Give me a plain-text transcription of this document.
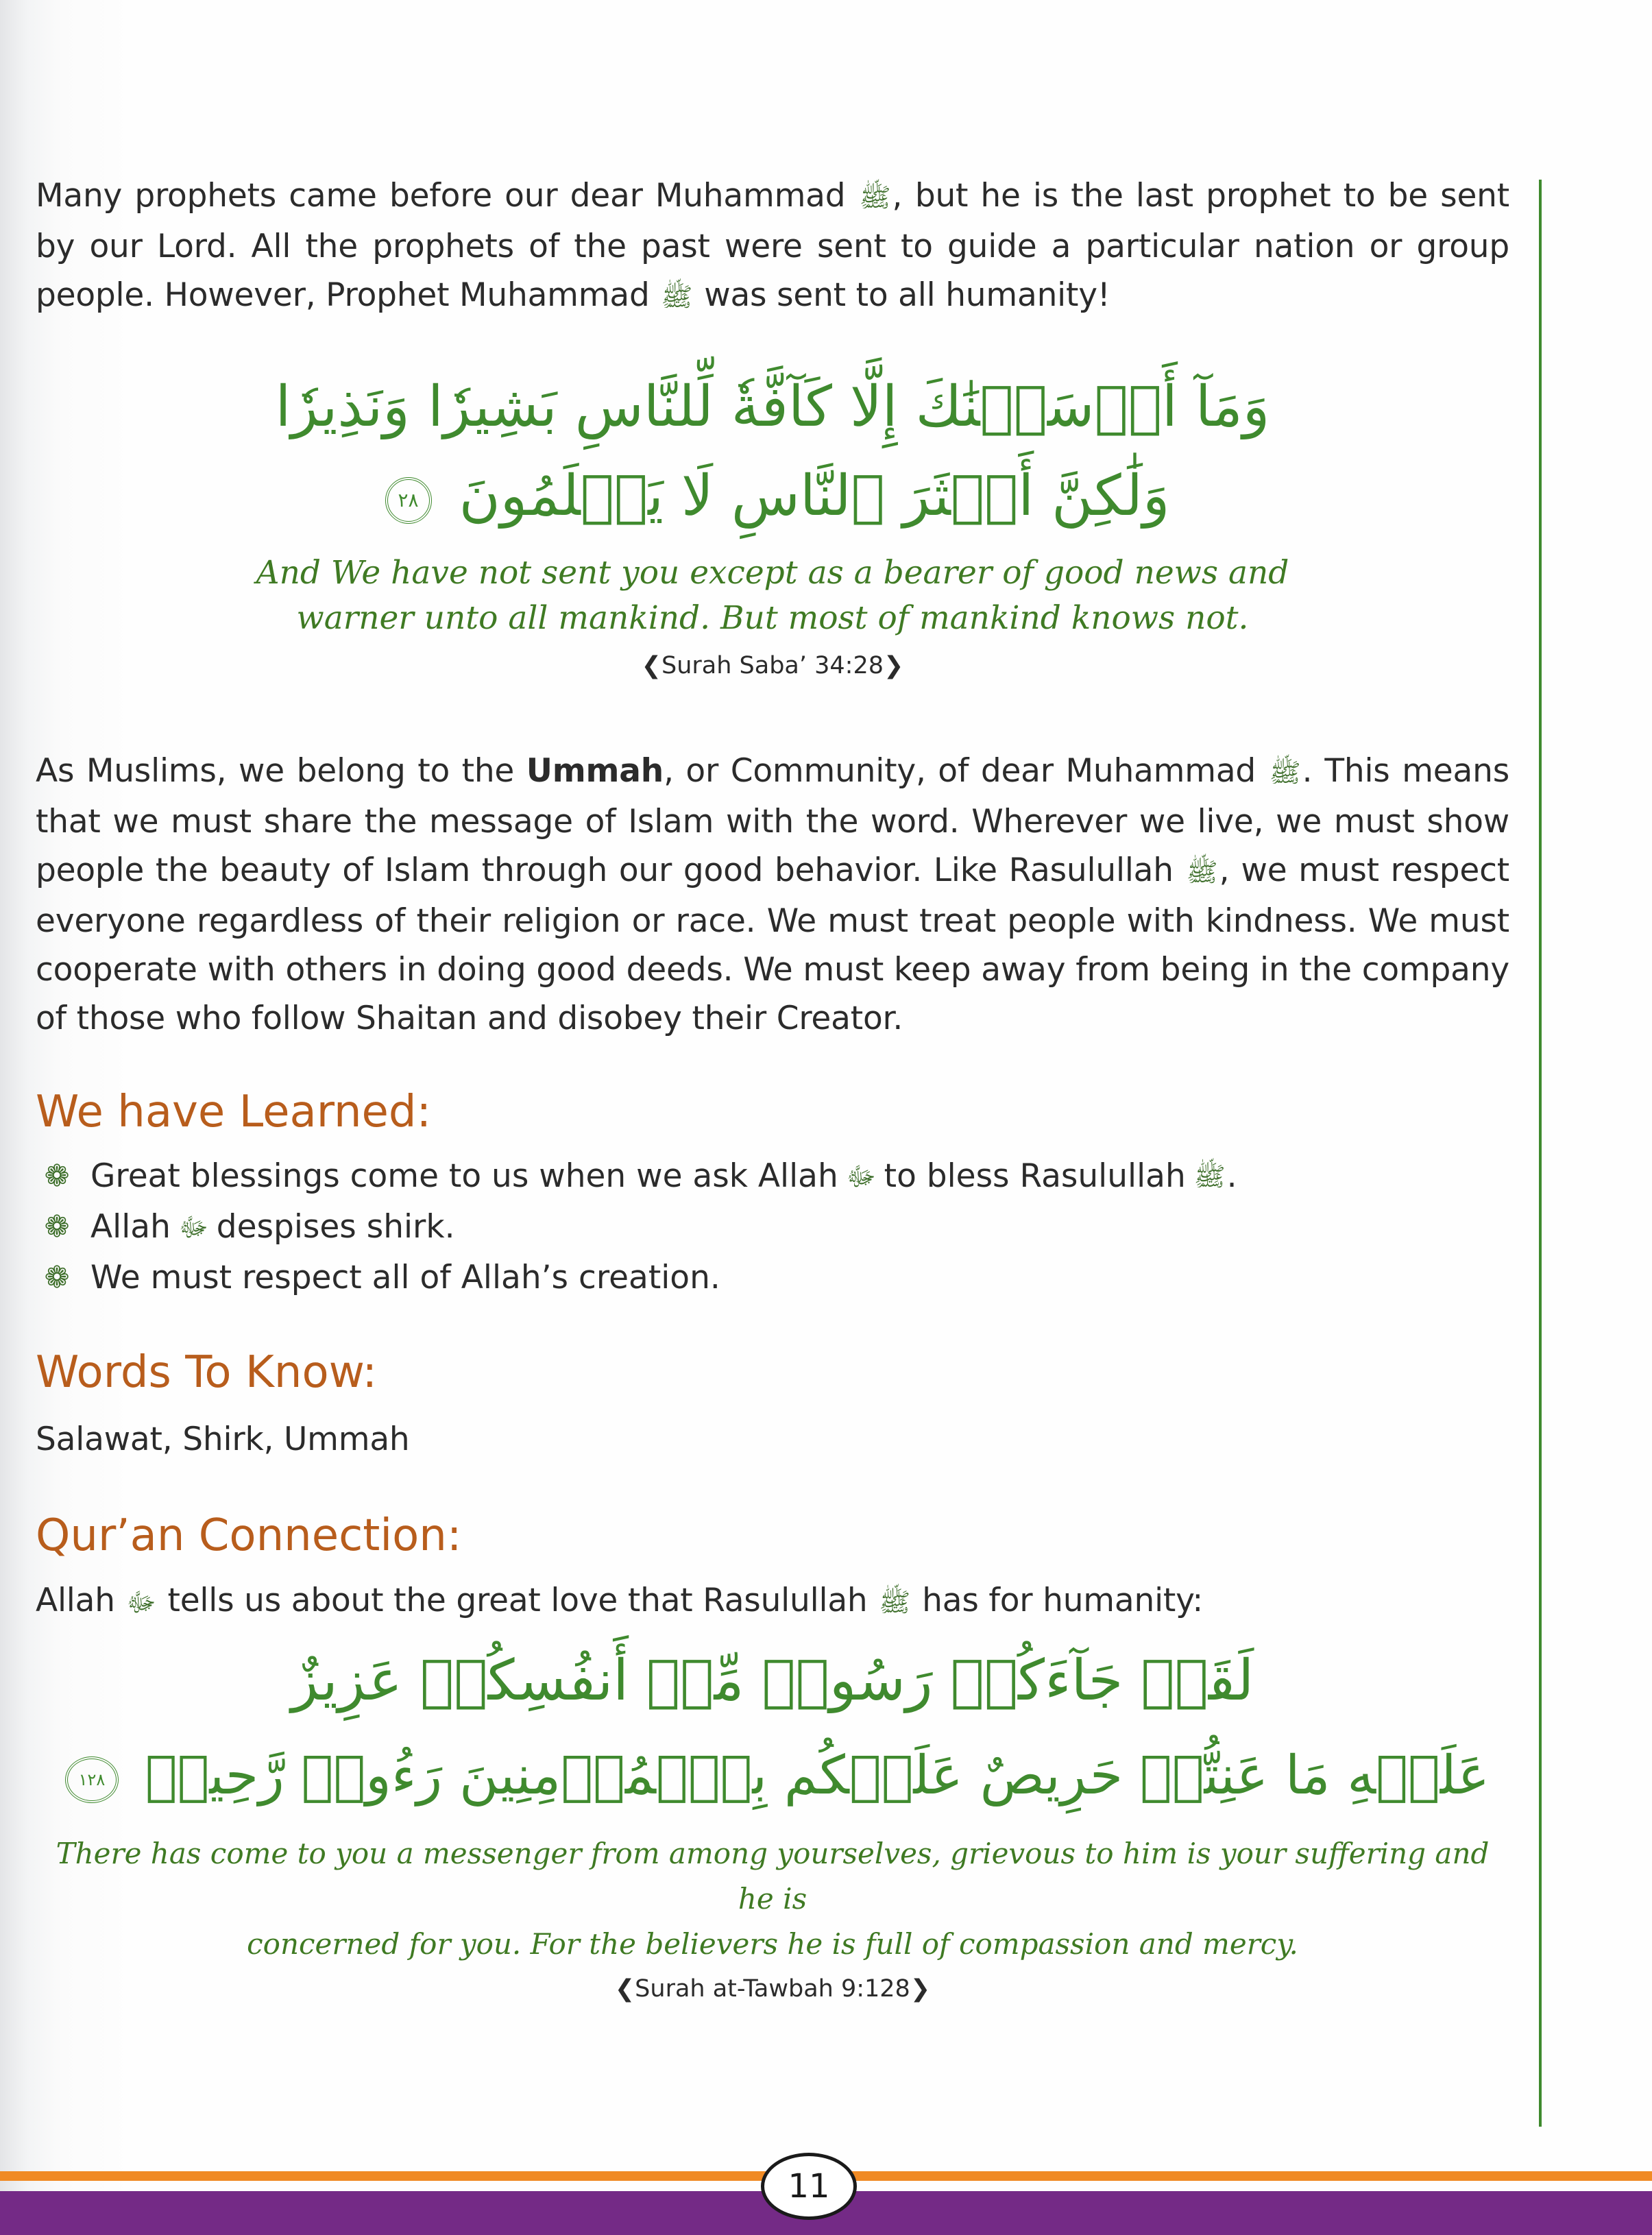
Many prophets came before our dear Muhammad ﷺ, but he is the last prophet to be sent by our Lord. All the prophets of the past were sent to guide a particular nation or group people. However, Prophet Muhammad ﷺ was sent to all humanity!

وَمَآ أَرۡسَلۡنَٰكَ إِلَّا كَآفَّةٗ لِّلنَّاسِ بَشِيرٗا وَنَذِيرٗا

وَلَٰكِنَّ أَكۡثَرَ ٱلنَّاسِ لَا يَعۡلَمُونَ ٢٨

And We have not sent you except as a bearer of good news and

warner unto all mankind. But most of mankind knows not.

❮Surah Saba’ 34:28❯

As Muslims, we belong to the Ummah, or Community, of dear Muhammad ﷺ. This means that we must share the message of Islam with the word. Wherever we live, we must show people the beauty of Islam through our good behavior. Like Rasulullah ﷺ, we must respect everyone regardless of their religion or race. We must treat people with kindness. We must cooperate with others in doing good deeds. We must keep away from being in the company of those who follow Shaitan and disobey their Creator.

We have Learned:
❁ Great blessings come to us when we ask Allah ﷻ to bless Rasulullah ﷺ .
❁ Allah ﷻ despises shirk.
❁ We must respect all of Allah’s creation.
Words To Know:

Salawat, Shirk, Ummah

Qur’an Connection:

Allah ﷻ tells us about the great love that Rasulullah ﷺ has for humanity:

لَقَدۡ جَآءَكُمۡ رَسُولٞ مِّنۡ أَنفُسِكُمۡ عَزِيزٌ

عَلَيۡهِ مَا عَنِتُّمۡ حَرِيصٌ عَلَيۡكُم بِٱلۡمُؤۡمِنِينَ رَءُوفٞ رَّحِيمٞ ١٢٨

There has come to you a messenger from among yourselves, grievous to him is your suffering and he is

concerned for you. For the believers he is full of compassion and mercy.

❮Surah at-Tawbah 9:128❯

11
